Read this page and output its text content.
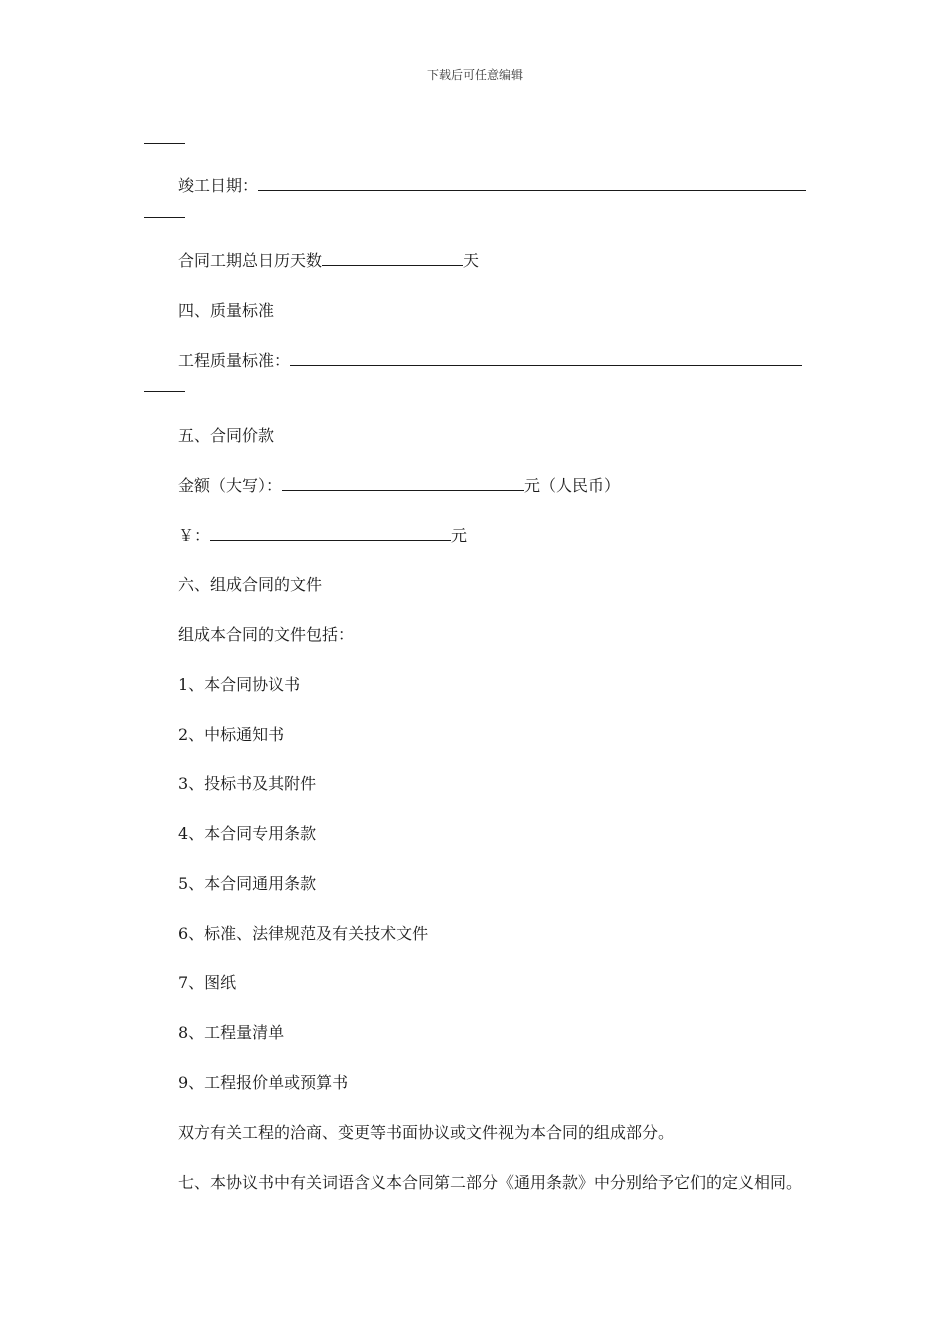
下载后可任意编辑
竣工日期：
合同工期总日历天数	天
四、质量标准
工程质量标准：
五、合同价款
金额（大写）：	元（人民币）
￥：	元
六、组成合同的文件
组成本合同的文件包括：
1、本合同协议书
2、中标通知书
3、投标书及其附件
4、本合同专用条款
5、本合同通用条款
6、标准、法律规范及有关技术文件
7、图纸
8、工程量清单
9、工程报价单或预算书
双方有关工程的洽商、变更等书面协议或文件视为本合同的组成部分。
七、本协议书中有关词语含义本合同第二部分《通用条款》中分别给予它们的定义相同。
